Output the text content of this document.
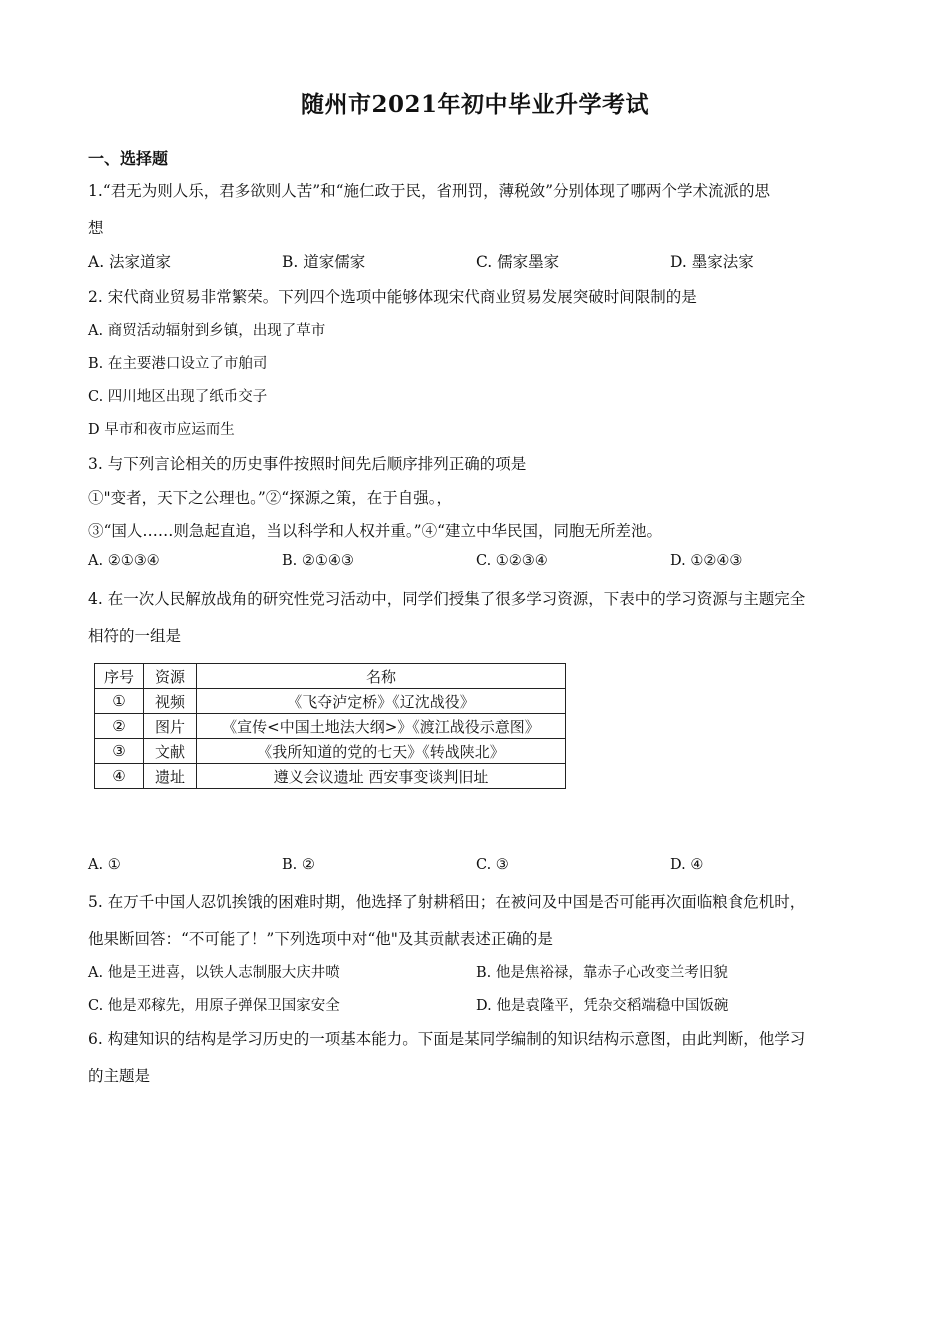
随州市2021年初中毕业升学考试
一、选择题
1.“君无为则人乐，君多欲则人苦”和“施仁政于民，省刑罚，薄税敛”分别体现了哪两个学术流派的思
想
A. 法家道家	B. 道家儒家	C. 儒家墨家	D. 墨家法家
2. 宋代商业贸易非常繁荣。下列四个选项中能够体现宋代商业贸易发展突破时间限制的是
A. 商贸活动辐射到乡镇，出现了草市
B. 在主要港口设立了市舶司
C. 四川地区出现了纸币交子
D 早市和夜市应运而生
3. 与下列言论相关的历史事件按照时间先后顺序排列正确的项是
①"变者，天下之公理也。”②“探源之策，在于自强。，
③“国人……则急起直追，当以科学和人权并重。”④“建立中华民国，同胞无所差池。
A. ②①③④	B. ②①④③	C. ①②③④	D. ①②④③
4. 在一次人民解放战角的研究性党习活动中，同学们授集了很多学习资源，下表中的学习资源与主题完全
相符的一组是
序号	资源	名称
①	视频	《飞夺泸定桥》《辽沈战役》
②	图片	《宣传<中国土地法大纲>》《渡江战役示意图》
③	文献	《我所知道的党的七天》《转战陕北》
④	遗址	遵义会议遗址 西安事变谈判旧址
A. ①	B. ②	C. ③	D. ④
5. 在万千中国人忍饥挨饿的困难时期，他选择了射耕稻田；在被问及中国是否可能再次面临粮食危机时，
他果断回答：“不可能了！”下列选项中对“他"及其贡献表述正确的是
A. 他是王进喜，以铁人志制服大庆井喷	B. 他是焦裕禄，靠赤子心改变兰考旧貌
C. 他是邓稼先，用原子弹保卫国家安全	D. 他是袁隆平，凭杂交稻端稳中国饭碗
6. 构建知识的结构是学习历史的一项基本能力。下面是某同学编制的知识结构示意图，由此判断，他学习
的主题是
